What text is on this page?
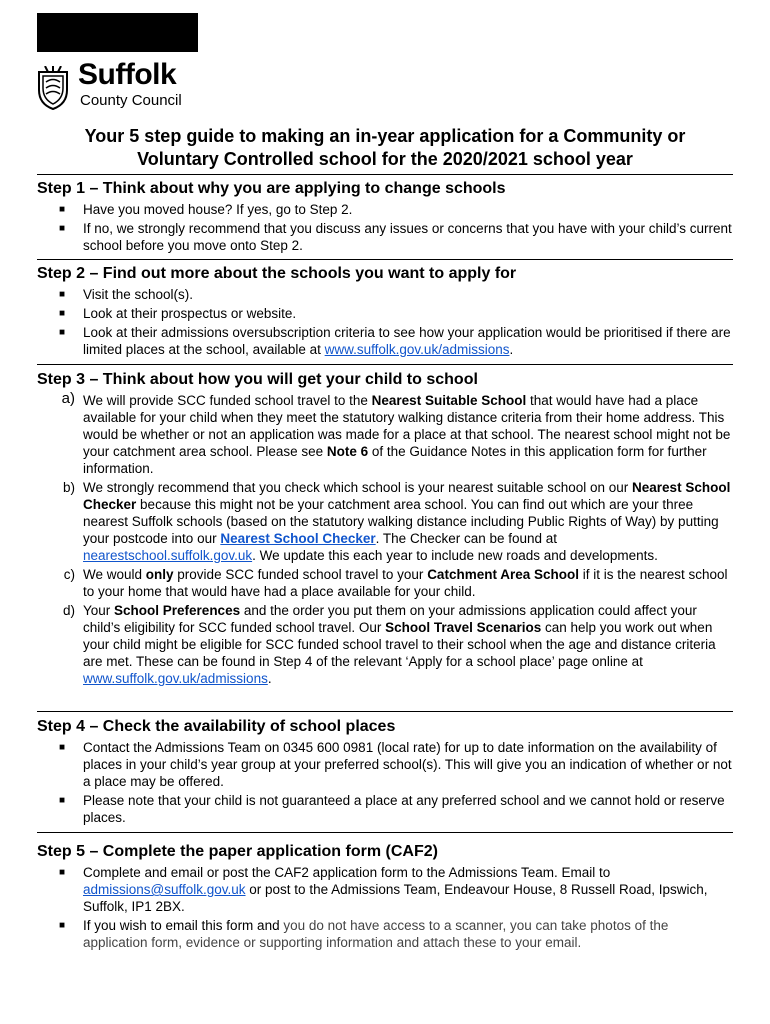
Suffolk
County Council
Your 5 step guide to making an in-year application for a Community or
Voluntary Controlled school for the 2020/2021 school year
Step 1 – Think about why you are applying to change schools
■ Have you moved house? If yes, go to Step 2.
■ If no, we strongly recommend that you discuss any issues or concerns that you have with your child’s current school before you move onto Step 2.
Step 2 – Find out more about the schools you want to apply for
■ Visit the school(s).
■ Look at their prospectus or website.
■ Look at their admissions oversubscription criteria to see how your application would be prioritised if there are limited places at the school, available at www.suffolk.gov.uk/admissions.
Step 3 – Think about how you will get your child to school
a) We will provide SCC funded school travel to the Nearest Suitable School that would have had a place available for your child when they meet the statutory walking distance criteria from their home address. This would be whether or not an application was made for a place at that school. The nearest school might not be your catchment area school. Please see Note 6 of the Guidance Notes in this application form for further information.
b) We strongly recommend that you check which school is your nearest suitable school on our Nearest School Checker because this might not be your catchment area school. You can find out which are your three nearest Suffolk schools (based on the statutory walking distance including Public Rights of Way) by putting your postcode into our Nearest School Checker. The Checker can be found at nearestschool.suffolk.gov.uk. We update this each year to include new roads and developments.
c) We would only provide SCC funded school travel to your Catchment Area School if it is the nearest school to your home that would have had a place available for your child.
d) Your School Preferences and the order you put them on your admissions application could affect your child’s eligibility for SCC funded school travel. Our School Travel Scenarios can help you work out when your child might be eligible for SCC funded school travel to their school when the age and distance criteria are met. These can be found in Step 4 of the relevant ‘Apply for a school place’ page online at www.suffolk.gov.uk/admissions.
Step 4 – Check the availability of school places
■ Contact the Admissions Team on 0345 600 0981 (local rate) for up to date information on the availability of places in your child’s year group at your preferred school(s). This will give you an indication of whether or not a place may be offered.
■ Please note that your child is not guaranteed a place at any preferred school and we cannot hold or reserve places.
Step 5 – Complete the paper application form (CAF2)
■ Complete and email or post the CAF2 application form to the Admissions Team. Email to admissions@suffolk.gov.uk or post to the Admissions Team, Endeavour House, 8 Russell Road, Ipswich, Suffolk, IP1 2BX.
■ If you wish to email this form and you do not have access to a scanner, you can take photos of the application form, evidence or supporting information and attach these to your email.
